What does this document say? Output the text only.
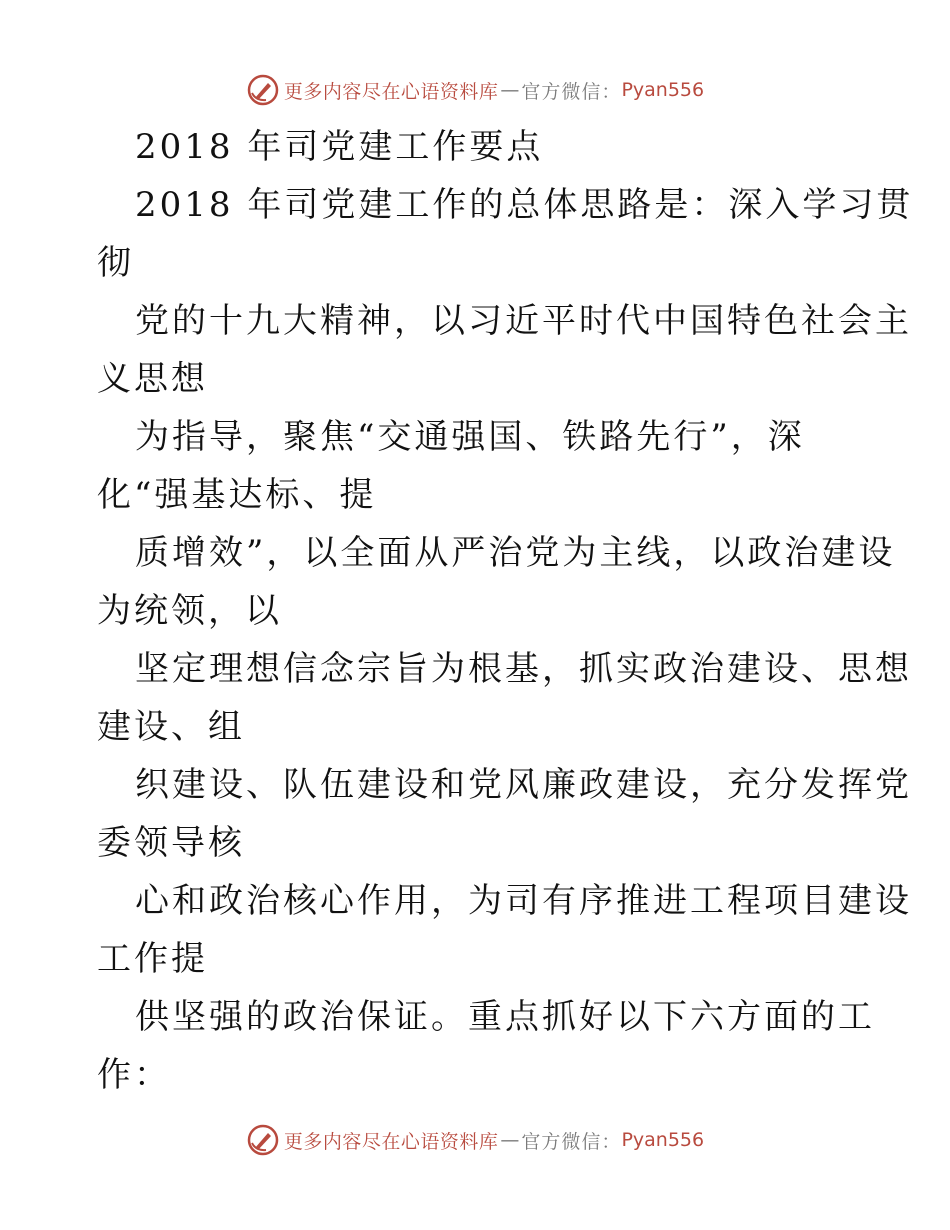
更多内容尽在心语资料库 — 官方微信： Pyan556
2018 年司党建工作要点
2018 年司党建工作的总体思路是：深入学习贯
彻
党的十九大精神，以习近平时代中国特色社会主
义思想
为指导，聚焦“交通强国、铁路先行”，深
化“强基达标、提
质增效”，以全面从严治党为主线，以政治建设
为统领，以
坚定理想信念宗旨为根基，抓实政治建设、思想
建设、组
织建设、队伍建设和党风廉政建设，充分发挥党
委领导核
心和政治核心作用，为司有序推进工程项目建设
工作提
供坚强的政治保证。重点抓好以下六方面的工
作：
更多内容尽在心语资料库 — 官方微信： Pyan556
